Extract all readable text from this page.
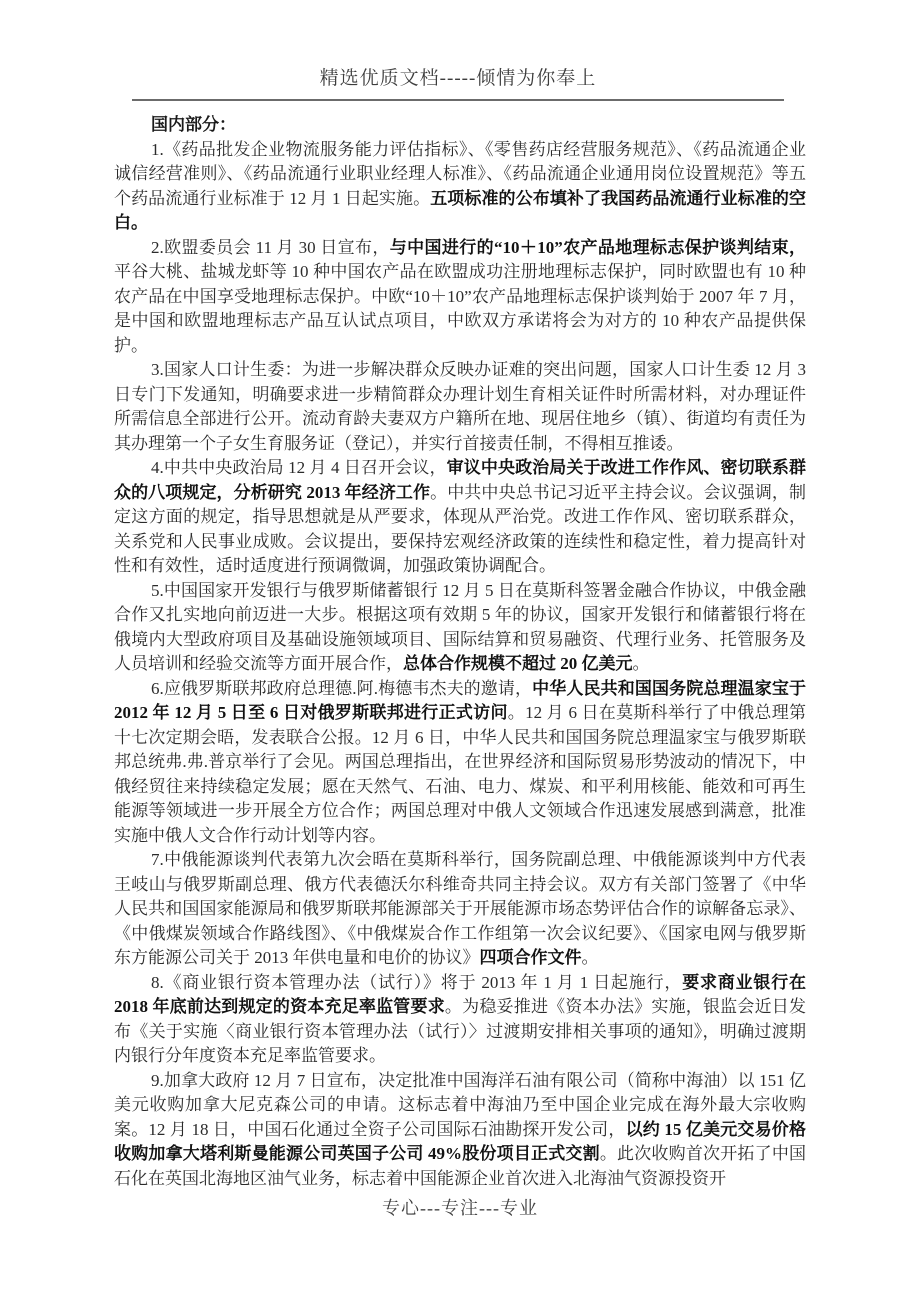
精选优质文档-----倾情为你奉上

国内部分：

1.《药品批发企业物流服务能力评估指标》、《零售药店经营服务规范》、《药品流通企业诚信经营准则》、《药品流通行业职业经理人标准》、《药品流通企业通用岗位设置规范》等五个药品流通行业标准于 12 月 1 日起实施。五项标准的公布填补了我国药品流通行业标准的空白。

2.欧盟委员会 11 月 30 日宣布，与中国进行的“10＋10”农产品地理标志保护谈判结束，平谷大桃、盐城龙虾等 10 种中国农产品在欧盟成功注册地理标志保护，同时欧盟也有 10 种农产品在中国享受地理标志保护。中欧“10＋10”农产品地理标志保护谈判始于 2007 年 7 月，是中国和欧盟地理标志产品互认试点项目，中欧双方承诺将会为对方的 10 种农产品提供保护。

3.国家人口计生委：为进一步解决群众反映办证难的突出问题，国家人口计生委 12 月 3 日专门下发通知，明确要求进一步精简群众办理计划生育相关证件时所需材料，对办理证件所需信息全部进行公开。流动育龄夫妻双方户籍所在地、现居住地乡（镇）、街道均有责任为其办理第一个子女生育服务证（登记），并实行首接责任制，不得相互推诿。

4.中共中央政治局 12 月 4 日召开会议，审议中央政治局关于改进工作作风、密切联系群众的八项规定，分析研究 2013 年经济工作。中共中央总书记习近平主持会议。会议强调，制定这方面的规定，指导思想就是从严要求，体现从严治党。改进工作作风、密切联系群众，关系党和人民事业成败。会议提出，要保持宏观经济政策的连续性和稳定性，着力提高针对性和有效性，适时适度进行预调微调，加强政策协调配合。

5.中国国家开发银行与俄罗斯储蓄银行 12 月 5 日在莫斯科签署金融合作协议，中俄金融合作又扎实地向前迈进一大步。根据这项有效期 5 年的协议，国家开发银行和储蓄银行将在俄境内大型政府项目及基础设施领域项目、国际结算和贸易融资、代理行业务、托管服务及人员培训和经验交流等方面开展合作，总体合作规模不超过 20 亿美元。

6.应俄罗斯联邦政府总理德.阿.梅德韦杰夫的邀请，中华人民共和国国务院总理温家宝于 2012 年 12 月 5 日至 6 日对俄罗斯联邦进行正式访问。12 月 6 日在莫斯科举行了中俄总理第十七次定期会晤，发表联合公报。12 月 6 日，中华人民共和国国务院总理温家宝与俄罗斯联邦总统弗.弗.普京举行了会见。两国总理指出，在世界经济和国际贸易形势波动的情况下，中俄经贸往来持续稳定发展；愿在天然气、石油、电力、煤炭、和平利用核能、能效和可再生能源等领域进一步开展全方位合作；两国总理对中俄人文领域合作迅速发展感到满意，批准实施中俄人文合作行动计划等内容。

7.中俄能源谈判代表第九次会晤在莫斯科举行，国务院副总理、中俄能源谈判中方代表王岐山与俄罗斯副总理、俄方代表德沃尔科维奇共同主持会议。双方有关部门签署了《中华人民共和国国家能源局和俄罗斯联邦能源部关于开展能源市场态势评估合作的谅解备忘录》、《中俄煤炭领域合作路线图》、《中俄煤炭合作工作组第一次会议纪要》、《国家电网与俄罗斯东方能源公司关于 2013 年供电量和电价的协议》四项合作文件。

8.《商业银行资本管理办法（试行）》将于 2013 年 1 月 1 日起施行，要求商业银行在 2018 年底前达到规定的资本充足率监管要求。为稳妥推进《资本办法》实施，银监会近日发布《关于实施〈商业银行资本管理办法（试行）〉过渡期安排相关事项的通知》，明确过渡期内银行分年度资本充足率监管要求。

9.加拿大政府 12 月 7 日宣布，决定批准中国海洋石油有限公司（简称中海油）以 151 亿美元收购加拿大尼克森公司的申请。这标志着中海油乃至中国企业完成在海外最大宗收购案。12 月 18 日，中国石化通过全资子公司国际石油勘探开发公司，以约 15 亿美元交易价格收购加拿大塔利斯曼能源公司英国子公司 49%股份项目正式交割。此次收购首次开拓了中国石化在英国北海地区油气业务，标志着中国能源企业首次进入北海油气资源投资开

专心---专注---专业
